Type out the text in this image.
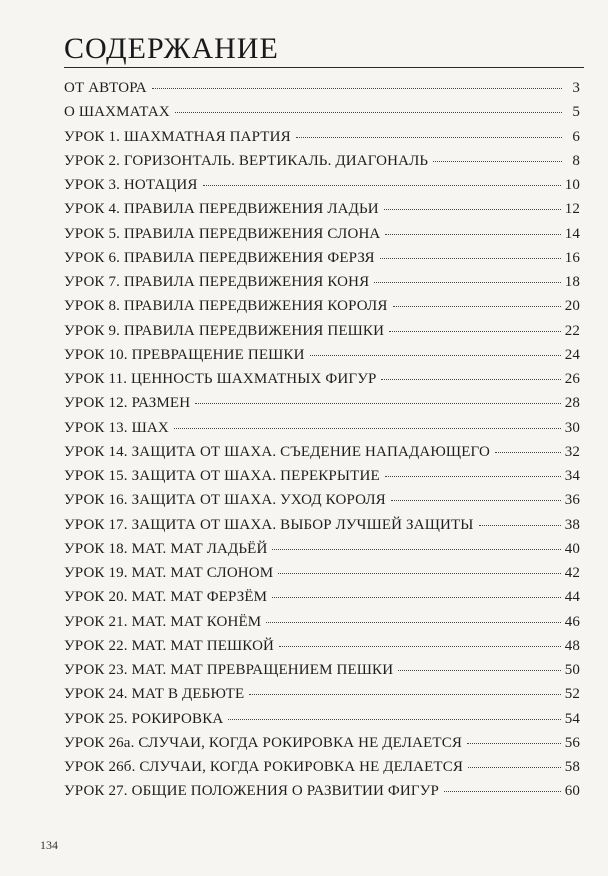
СОДЕРЖАНИЕ
ОТ АВТОРА	3
О ШАХМАТАХ	5
УРОК 1. ШАХМАТНАЯ ПАРТИЯ	6
УРОК 2. ГОРИЗОНТАЛЬ. ВЕРТИКАЛЬ. ДИАГОНАЛЬ	8
УРОК 3. НОТАЦИЯ	10
УРОК 4. ПРАВИЛА ПЕРЕДВИЖЕНИЯ ЛАДЬИ	12
УРОК 5. ПРАВИЛА ПЕРЕДВИЖЕНИЯ СЛОНА	14
УРОК 6. ПРАВИЛА ПЕРЕДВИЖЕНИЯ ФЕРЗЯ	16
УРОК 7. ПРАВИЛА ПЕРЕДВИЖЕНИЯ КОНЯ	18
УРОК 8. ПРАВИЛА ПЕРЕДВИЖЕНИЯ КОРОЛЯ	20
УРОК 9. ПРАВИЛА ПЕРЕДВИЖЕНИЯ ПЕШКИ	22
УРОК 10. ПРЕВРАЩЕНИЕ ПЕШКИ	24
УРОК 11. ЦЕННОСТЬ ШАХМАТНЫХ ФИГУР	26
УРОК 12. РАЗМЕН	28
УРОК 13. ШАХ	30
УРОК 14. ЗАЩИТА ОТ ШАХА. СЪЕДЕНИЕ НАПАДАЮЩЕГО	32
УРОК 15. ЗАЩИТА ОТ ШАХА. ПЕРЕКРЫТИЕ	34
УРОК 16. ЗАЩИТА ОТ ШАХА. УХОД КОРОЛЯ	36
УРОК 17. ЗАЩИТА ОТ ШАХА. ВЫБОР ЛУЧШЕЙ ЗАЩИТЫ	38
УРОК 18. МАТ. МАТ ЛАДЬЁЙ	40
УРОК 19. МАТ. МАТ СЛОНОМ	42
УРОК 20. МАТ. МАТ ФЕРЗЁМ	44
УРОК 21. МАТ. МАТ КОНЁМ	46
УРОК 22. МАТ. МАТ ПЕШКОЙ	48
УРОК 23. МАТ. МАТ ПРЕВРАЩЕНИЕМ ПЕШКИ	50
УРОК 24. МАТ В ДЕБЮТЕ	52
УРОК 25. РОКИРОВКА	54
УРОК 26а. СЛУЧАИ, КОГДА РОКИРОВКА НЕ ДЕЛАЕТСЯ	56
УРОК 26б. СЛУЧАИ, КОГДА РОКИРОВКА НЕ ДЕЛАЕТСЯ	58
УРОК 27. ОБЩИЕ ПОЛОЖЕНИЯ О РАЗВИТИИ ФИГУР	60
134
